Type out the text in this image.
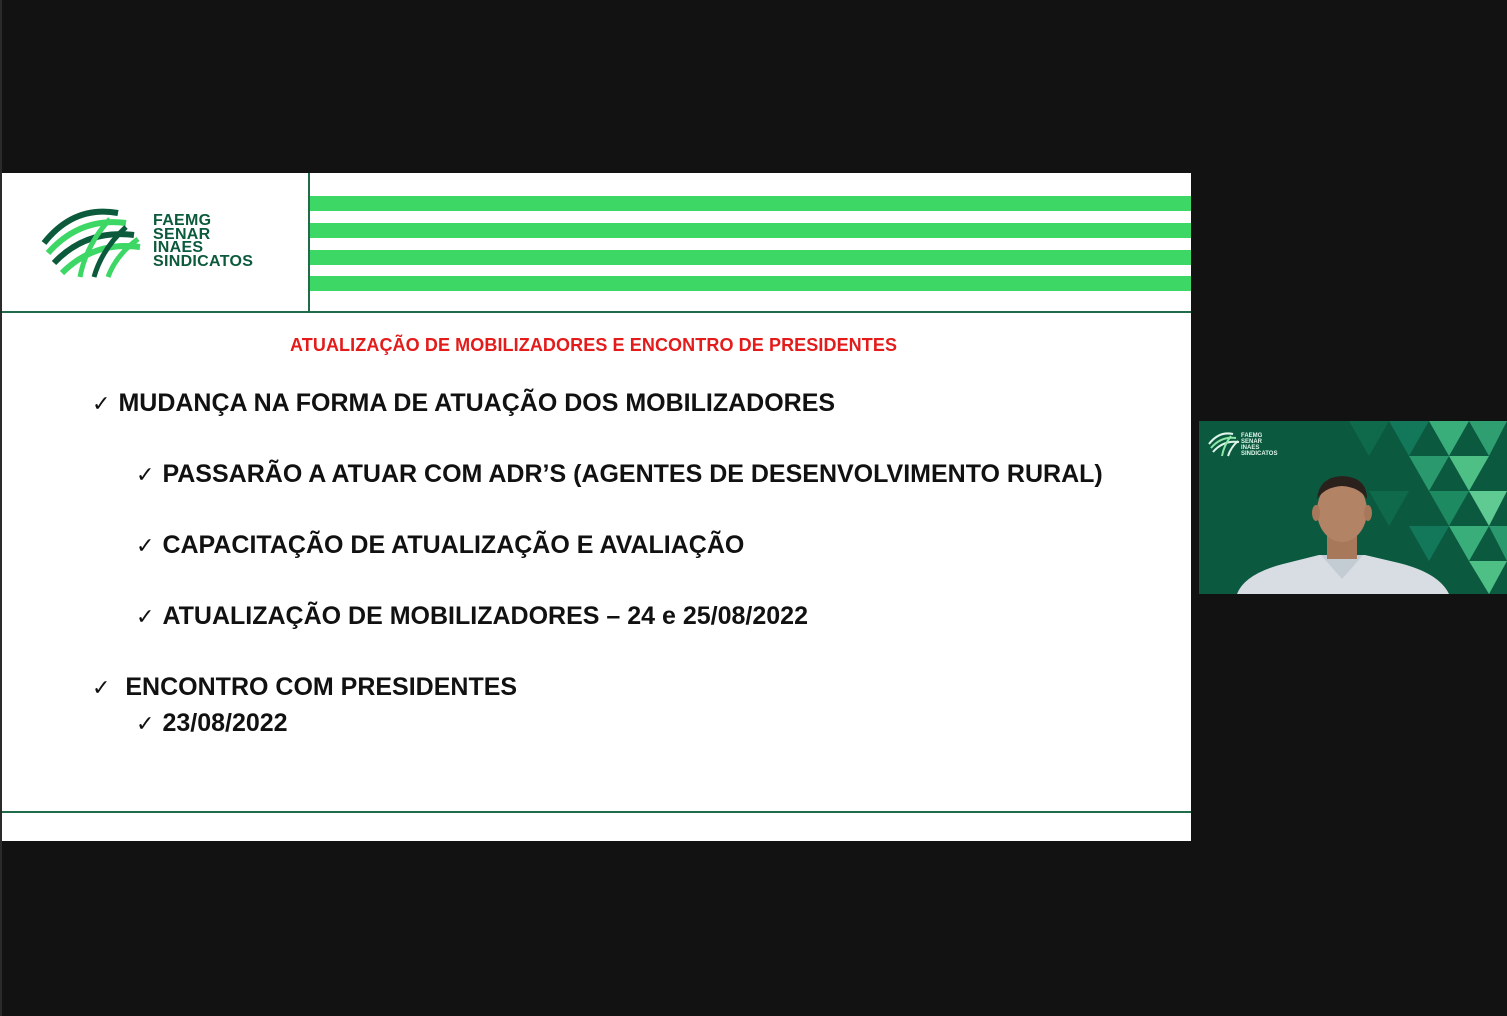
FAEMG
SENAR
INAES
SINDICATOS
ATUALIZAÇÃO DE MOBILIZADORES E ENCONTRO DE PRESIDENTES
✓ MUDANÇA NA FORMA DE ATUAÇÃO DOS MOBILIZADORES
✓ PASSARÃO A ATUAR COM ADR’S (AGENTES DE DESENVOLVIMENTO RURAL)
✓ CAPACITAÇÃO DE ATUALIZAÇÃO E AVALIAÇÃO
✓ ATUALIZAÇÃO DE MOBILIZADORES – 24 e 25/08/2022
✓ ENCONTRO COM PRESIDENTES
✓ 23/08/2022
FAEMG
SENAR
INAES
SINDICATOS
